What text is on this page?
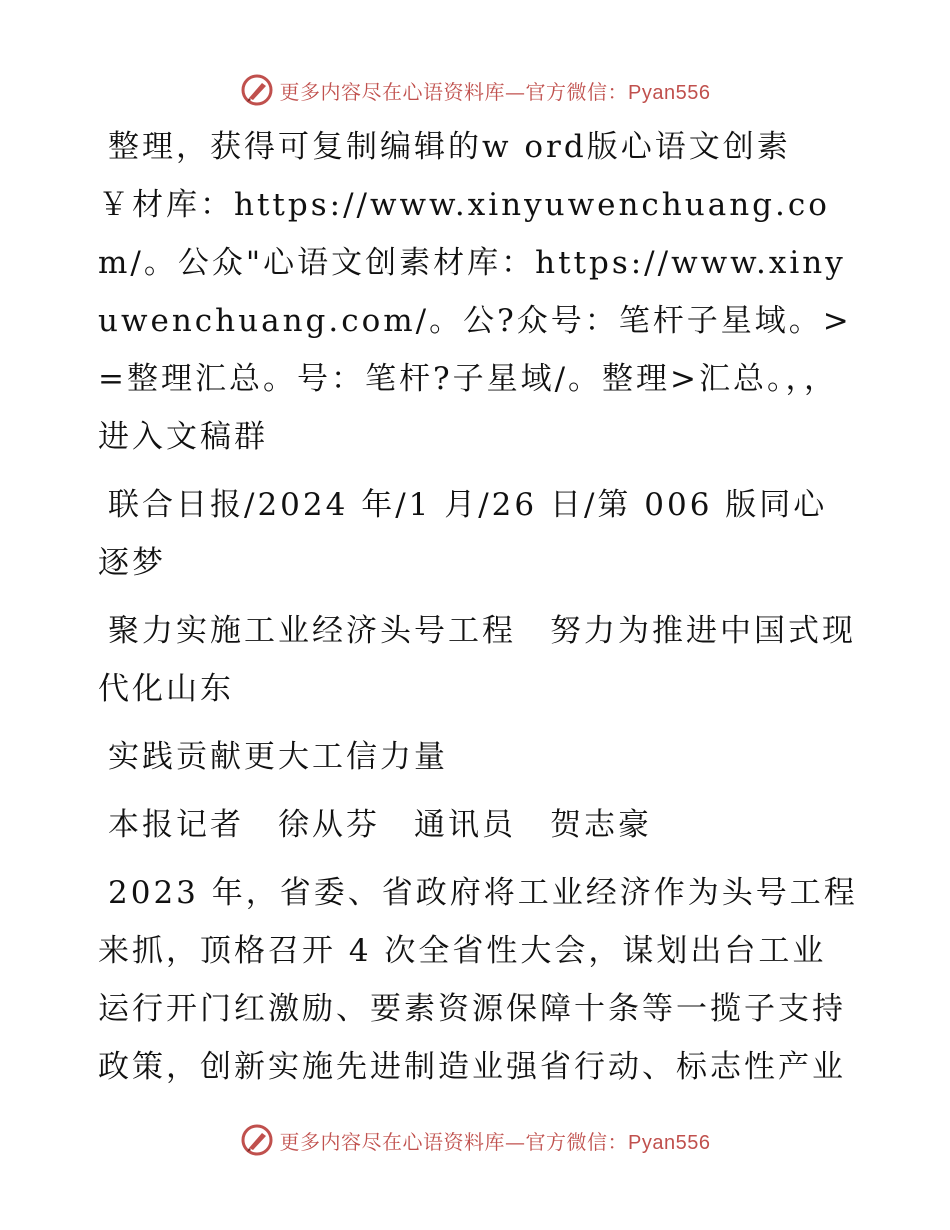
更多内容尽在心语资料库—官方微信：Pyan556

整理，获得可复制编辑的w ord版心语文创素￥材库：https://www.xinyuwenchuang.com/。公众"心语文创素材库：https://www.xinyuwenchuang.com/。公?众号：笔杆子星域。>=整理汇总。号：笔杆?子星域/。整理>汇总。，，进入文稿群

联合日报/2024 年/1 月/26 日/第 006 版同心逐梦

聚力实施工业经济头号工程　努力为推进中国式现代化山东

实践贡献更大工信力量

本报记者　徐从芬　通讯员　贺志豪

2023 年，省委、省政府将工业经济作为头号工程来抓，顶格召开 4 次全省性大会，谋划出台工业运行开门红激励、要素资源保障十条等一揽子支持政策，创新实施先进制造业强省行动、标志性产业

更多内容尽在心语资料库—官方微信：Pyan556
